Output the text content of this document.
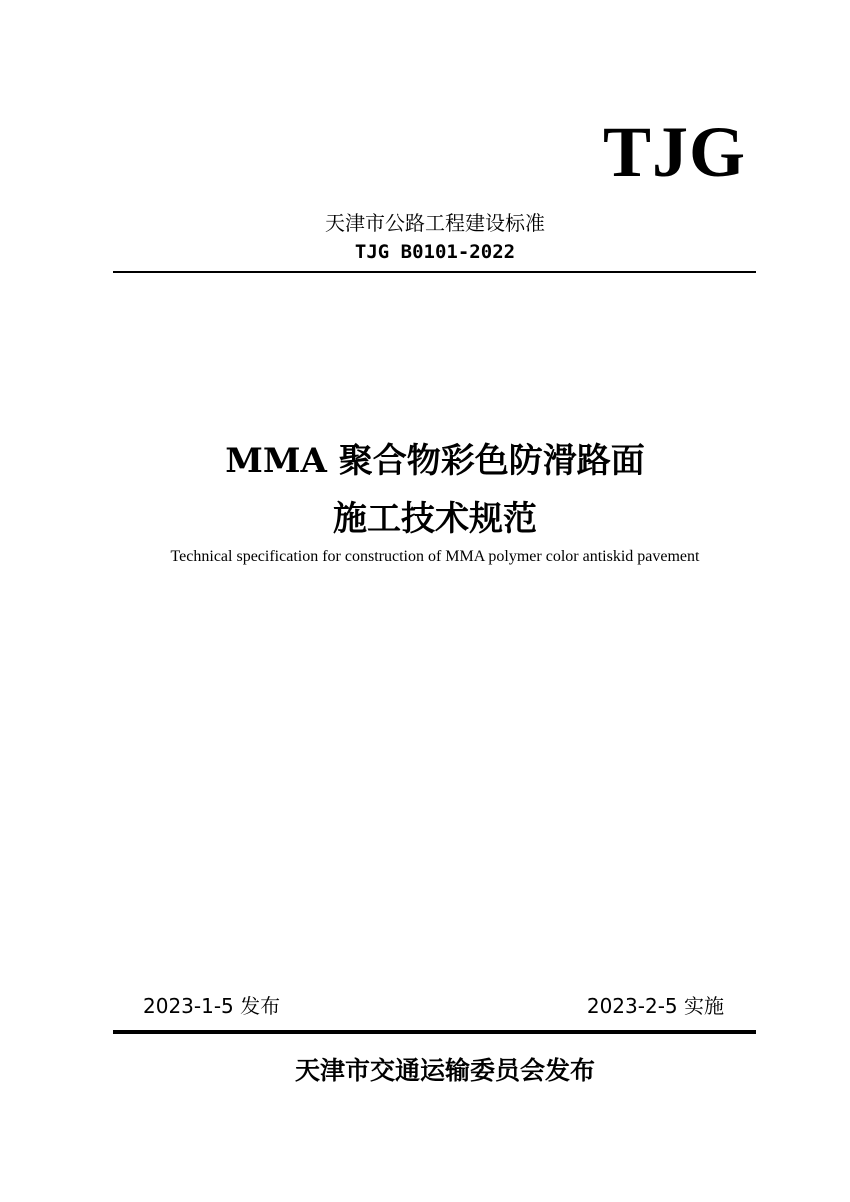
TJG
天津市公路工程建设标准
TJG B0101-2022
MMA 聚合物彩色防滑路面
施工技术规范
Technical specification for construction of MMA polymer color antiskid pavement
2023-1-5 发布	2023-2-5 实施
天津市交通运输委员会发布
